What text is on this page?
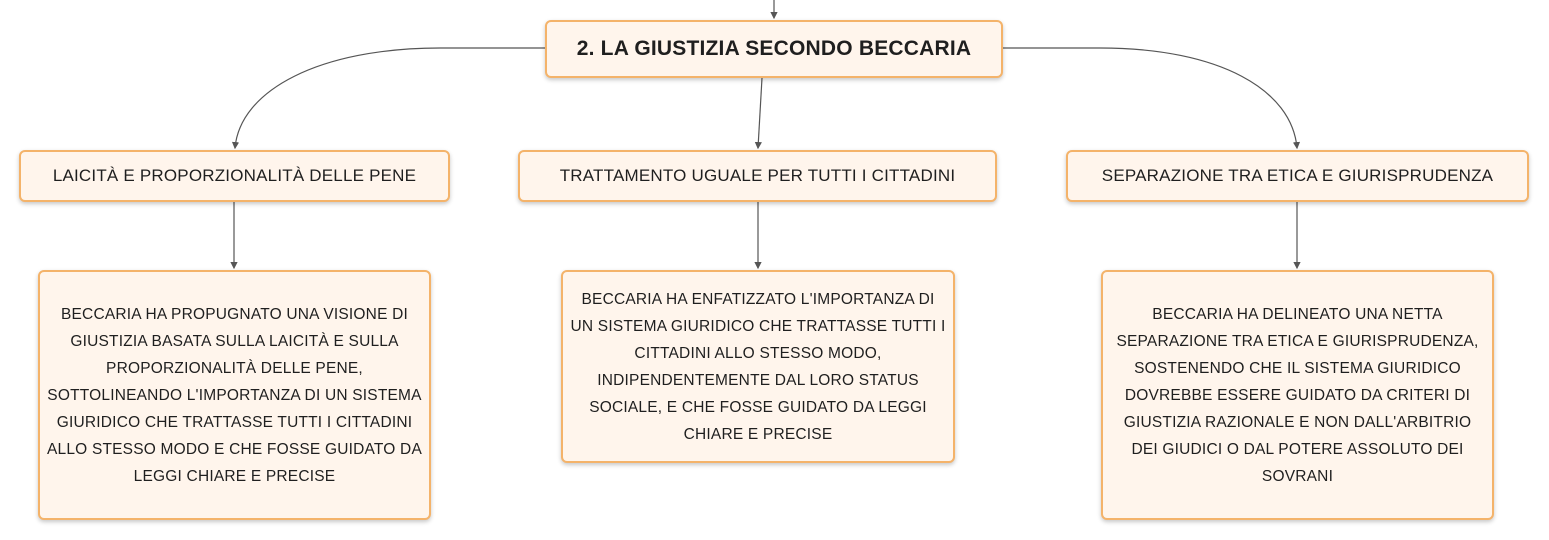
2. LA GIUSTIZIA SECONDO BECCARIA
LAICITÀ E PROPORZIONALITÀ DELLE PENE	TRATTAMENTO UGUALE PER TUTTI I CITTADINI	SEPARAZIONE TRA ETICA E GIURISPRUDENZA
BECCARIA HA PROPUGNATO UNA VISIONE DI GIUSTIZIA BASATA SULLA LAICITÀ E SULLA PROPORZIONALITÀ DELLE PENE, SOTTOLINEANDO L'IMPORTANZA DI UN SISTEMA GIURIDICO CHE TRATTASSE TUTTI I CITTADINI ALLO STESSO MODO E CHE FOSSE GUIDATO DA LEGGI CHIARE E PRECISE
BECCARIA HA ENFATIZZATO L'IMPORTANZA DI UN SISTEMA GIURIDICO CHE TRATTASSE TUTTI I CITTADINI ALLO STESSO MODO, INDIPENDENTEMENTE DAL LORO STATUS SOCIALE, E CHE FOSSE GUIDATO DA LEGGI CHIARE E PRECISE
BECCARIA HA DELINEATO UNA NETTA SEPARAZIONE TRA ETICA E GIURISPRUDENZA, SOSTENENDO CHE IL SISTEMA GIURIDICO DOVREBBE ESSERE GUIDATO DA CRITERI DI GIUSTIZIA RAZIONALE E NON DALL'ARBITRIO DEI GIUDICI O DAL POTERE ASSOLUTO DEI SOVRANI
